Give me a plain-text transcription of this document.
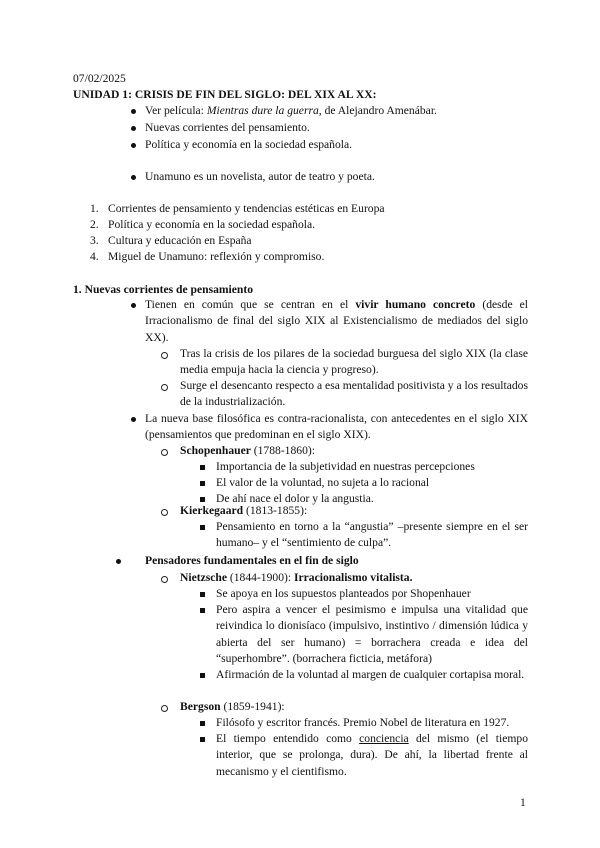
07/02/2025
UNIDAD 1: CRISIS DE FIN DEL SIGLO: DEL XIX AL XX:
Ver película: Mientras dure la guerra, de Alejandro Amenábar.
Nuevas corrientes del pensamiento.
Política y economía en la sociedad española.
Unamuno es un novelista, autor de teatro y poeta.
1. Corrientes de pensamiento y tendencias estéticas en Europa
2. Política y economía en la sociedad española.
3. Cultura y educación en España
4. Miguel de Unamuno: reflexión y compromiso.
1. Nuevas corrientes de pensamiento
Tienen en común que se centran en el vivir humano concreto (desde el Irracionalismo de final del siglo XIX al Existencialismo de mediados del siglo XX).
Tras la crisis de los pilares de la sociedad burguesa del siglo XIX (la clase media empuja hacia la ciencia y progreso).
Surge el desencanto respecto a esa mentalidad positivista y a los resultados de la industrialización.
La nueva base filosófica es contra-racionalista, con antecedentes en el siglo XIX (pensamientos que predominan en el siglo XIX).
Schopenhauer (1788-1860):
Importancia de la subjetividad en nuestras percepciones
El valor de la voluntad, no sujeta a lo racional
De ahí nace el dolor y la angustia.
Kierkegaard (1813-1855):
Pensamiento en torno a la “angustia” –presente siempre en el ser humano– y el “sentimiento de culpa”.
Pensadores fundamentales en el fin de siglo
Nietzsche (1844-1900): Irracionalismo vitalista.
Se apoya en los supuestos planteados por Shopenhauer
Pero aspira a vencer el pesimismo e impulsa una vitalidad que reivindica lo dionisíaco (impulsivo, instintivo / dimensión lúdica y abierta del ser humano) = borrachera creada e idea del “superhombre”. (borrachera ficticia, metáfora)
Afirmación de la voluntad al margen de cualquier cortapisa moral.
Bergson (1859-1941):
Filósofo y escritor francés. Premio Nobel de literatura en 1927.
El tiempo entendido como conciencia del mismo (el tiempo interior, que se prolonga, dura). De ahí, la libertad frente al mecanismo y el cientifismo.
1
